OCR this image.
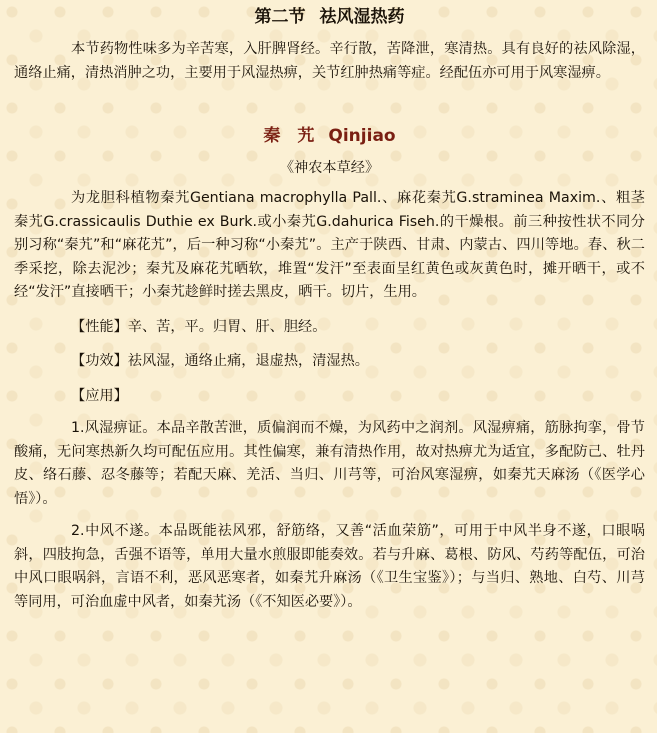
第二节 祛风湿热药

本节药物性味多为辛苦寒，入肝脾肾经。辛行散，苦降泄，寒清热。具有良好的祛风除湿，通络止痛，清热消肿之功，主要用于风湿热痹，关节红肿热痛等症。经配伍亦可用于风寒湿痹。

秦　艽 Qinjiao
《神农本草经》

为龙胆科植物秦艽Gentiana macrophylla Pall.、麻花秦艽G.straminea Maxim.、粗茎秦艽G.crassicaulis Duthie ex Burk.或小秦艽G.dahurica Fiseh.的干燥根。前三种按性状不同分别习称“秦艽”和“麻花艽”，后一种习称“小秦艽”。主产于陕西、甘肃、内蒙古、四川等地。春、秋二季采挖，除去泥沙；秦艽及麻花艽晒软，堆置“发汗”至表面呈红黄色或灰黄色时，摊开晒干，或不经“发汗”直接晒干；小秦艽趁鲜时搓去黑皮，晒干。切片，生用。

【性能】辛、苦，平。归胃、肝、胆经。

【功效】祛风湿，通络止痛，退虚热，清湿热。

【应用】

1.风湿痹证。本品辛散苦泄，质偏润而不燥，为风药中之润剂。风湿痹痛，筋脉拘挛，骨节酸痛，无问寒热新久均可配伍应用。其性偏寒，兼有清热作用，故对热痹尤为适宜，多配防己、牡丹皮、络石藤、忍冬藤等；若配天麻、羌活、当归、川芎等，可治风寒湿痹，如秦艽天麻汤（《医学心悟》）。

2.中风不遂。本品既能祛风邪，舒筋络，又善“活血荣筋”，可用于中风半身不遂，口眼㖞斜，四肢拘急，舌强不语等，单用大量水煎服即能奏效。若与升麻、葛根、防风、芍药等配伍，可治中风口眼㖞斜，言语不利，恶风恶寒者，如秦艽升麻汤（《卫生宝鉴》）；与当归、熟地、白芍、川芎等同用，可治血虚中风者，如秦艽汤（《不知医必要》）。
